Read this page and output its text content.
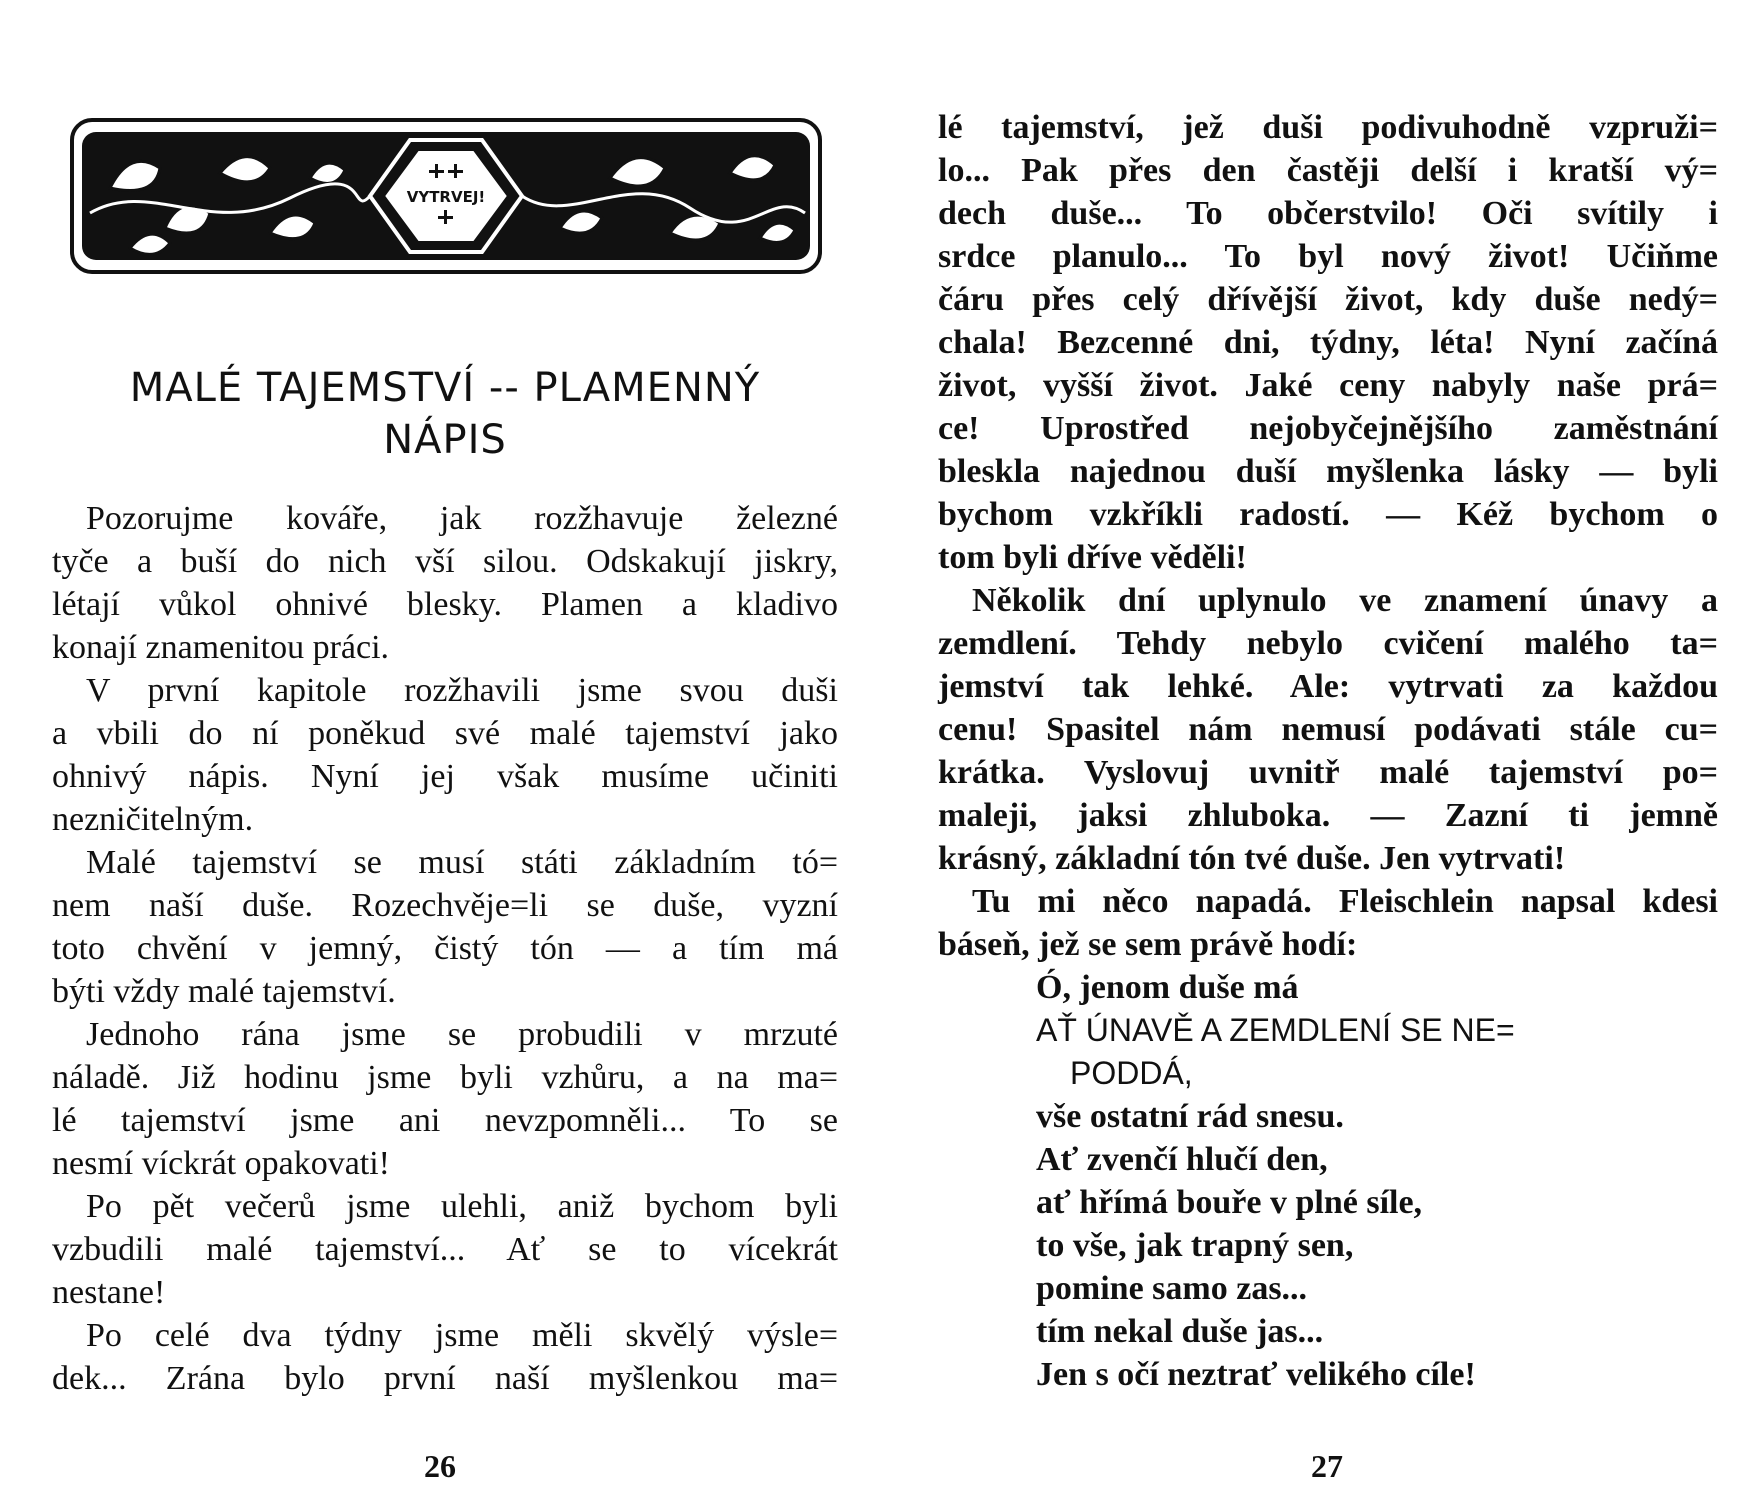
VYTRVEJ!
MALÉ TAJEMSTVÍ -- PLAMENNÝ
NÁPIS
Pozorujme kováře, jak rozžhavuje železné
tyče a buší do nich vší silou. Odskakují jiskry,
létají vůkol ohnivé blesky. Plamen a kladivo
konají znamenitou práci.
V první kapitole rozžhavili jsme svou duši
a vbili do ní poněkud své malé tajemství jako
ohnivý nápis. Nyní jej však musíme učiniti
nezničitelným.
Malé tajemství se musí státi základním tó=
nem naší duše. Rozechvěje=li se duše, vyzní
toto chvění v jemný, čistý tón — a tím má
býti vždy malé tajemství.
Jednoho rána jsme se probudili v mrzuté
náladě. Již hodinu jsme byli vzhůru, a na ma=
lé tajemství jsme ani nevzpomněli... To se
nesmí víckrát opakovati!
Po pět večerů jsme ulehli, aniž bychom byli
vzbudili malé tajemství... Ať se to vícekrát
nestane!
Po celé dva týdny jsme měli skvělý výsle=
dek... Zrána bylo první naší myšlenkou ma=
26
lé tajemství, jež duši podivuhodně vzpruži=
lo... Pak přes den častěji delší i kratší vý=
dech duše... To občerstvilo! Oči svítily i
srdce planulo... To byl nový život! Učiňme
čáru přes celý dřívější život, kdy duše nedý=
chala! Bezcenné dni, týdny, léta! Nyní začíná
život, vyšší život. Jaké ceny nabyly naše prá=
ce! Uprostřed nejobyčejnějšího zaměstnání
bleskla najednou duší myšlenka lásky — byli
bychom vzkříkli radostí. — Kéž bychom o
tom byli dříve věděli!
Několik dní uplynulo ve znamení únavy a
zemdlení. Tehdy nebylo cvičení malého ta=
jemství tak lehké. Ale: vytrvati za každou
cenu! Spasitel nám nemusí podávati stále cu=
krátka. Vyslovuj uvnitř malé tajemství po=
maleji, jaksi zhluboka. — Zazní ti jemně
krásný, základní tón tvé duše. Jen vytrvati!
Tu mi něco napadá. Fleischlein napsal kdesi
báseň, jež se sem právě hodí:
Ó, jenom duše má
AŤ ÚNAVĚ A ZEMDLENÍ SE NE=
PODDÁ,
vše ostatní rád snesu.
Ať zvenčí hlučí den,
ať hřímá bouře v plné síle,
to vše, jak trapný sen,
pomine samo zas...
tím nekal duše jas...
Jen s očí neztrať velikého cíle!
27
